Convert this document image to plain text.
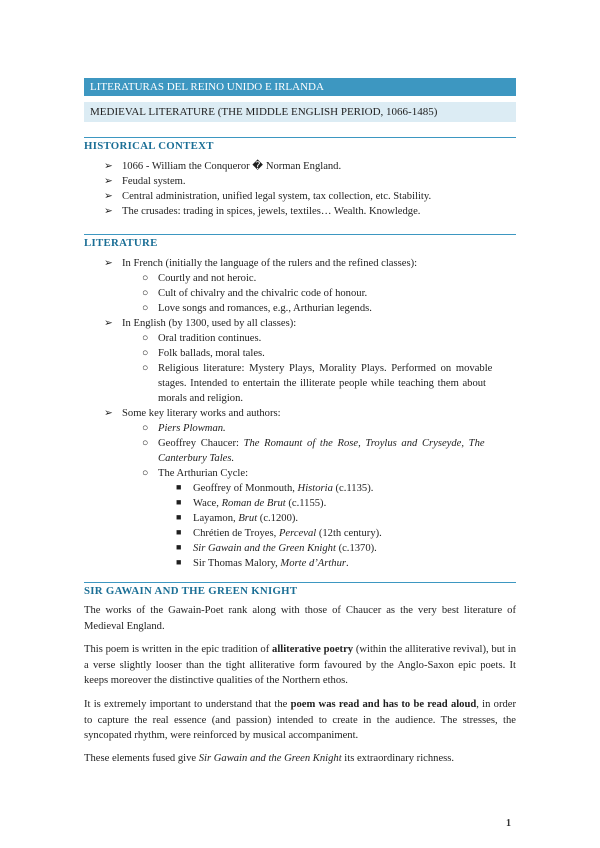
LITERATURAS DEL REINO UNIDO E IRLANDA
MEDIEVAL LITERATURE (THE MIDDLE ENGLISH PERIOD, 1066-1485)
HISTORICAL CONTEXT
➢ 1066 - William the Conqueror � Norman England.
➢ Feudal system.
➢ Central administration, unified legal system, tax collection, etc. Stability.
➢ The crusades: trading in spices, jewels, textiles… Wealth. Knowledge.
LITERATURE
➢ In French (initially the language of the rulers and the refined classes):
○ Courtly and not heroic.
○ Cult of chivalry and the chivalric code of honour.
○ Love songs and romances, e.g., Arthurian legends.
➢ In English (by 1300, used by all classes):
○ Oral tradition continues.
○ Folk ballads, moral tales.
○ Religious literature: Mystery Plays, Morality Plays. Performed on movable
stages. Intended to entertain the illiterate people while teaching them about
morals and religion.
➢ Some key literary works and authors:
○ Piers Plowman.
○ Geoffrey Chaucer: The Romaunt of the Rose, Troylus and Cryseyde, The
Canterbury Tales.
○ The Arthurian Cycle:
■ Geoffrey of Monmouth, Historia (c.1135).
■ Wace, Roman de Brut (c.1155).
■ Layamon, Brut (c.1200).
■ Chrétien de Troyes, Perceval (12th century).
■ Sir Gawain and the Green Knight (c.1370).
■ Sir Thomas Malory, Morte d’Arthur.
SIR GAWAIN AND THE GREEN KNIGHT
The works of the Gawain-Poet rank along with those of Chaucer as the very best literature of Medieval England.
This poem is written in the epic tradition of alliterative poetry (within the alliterative revival), but in a verse slightly looser than the tight alliterative form favoured by the Anglo-Saxon epic poets. It keeps moreover the distinctive qualities of the Northern ethos.
It is extremely important to understand that the poem was read and has to be read aloud, in order to capture the real essence (and passion) intended to create in the audience. The stresses, the syncopated rhythm, were reinforced by musical accompaniment.
These elements fused give Sir Gawain and the Green Knight its extraordinary richness.
1
